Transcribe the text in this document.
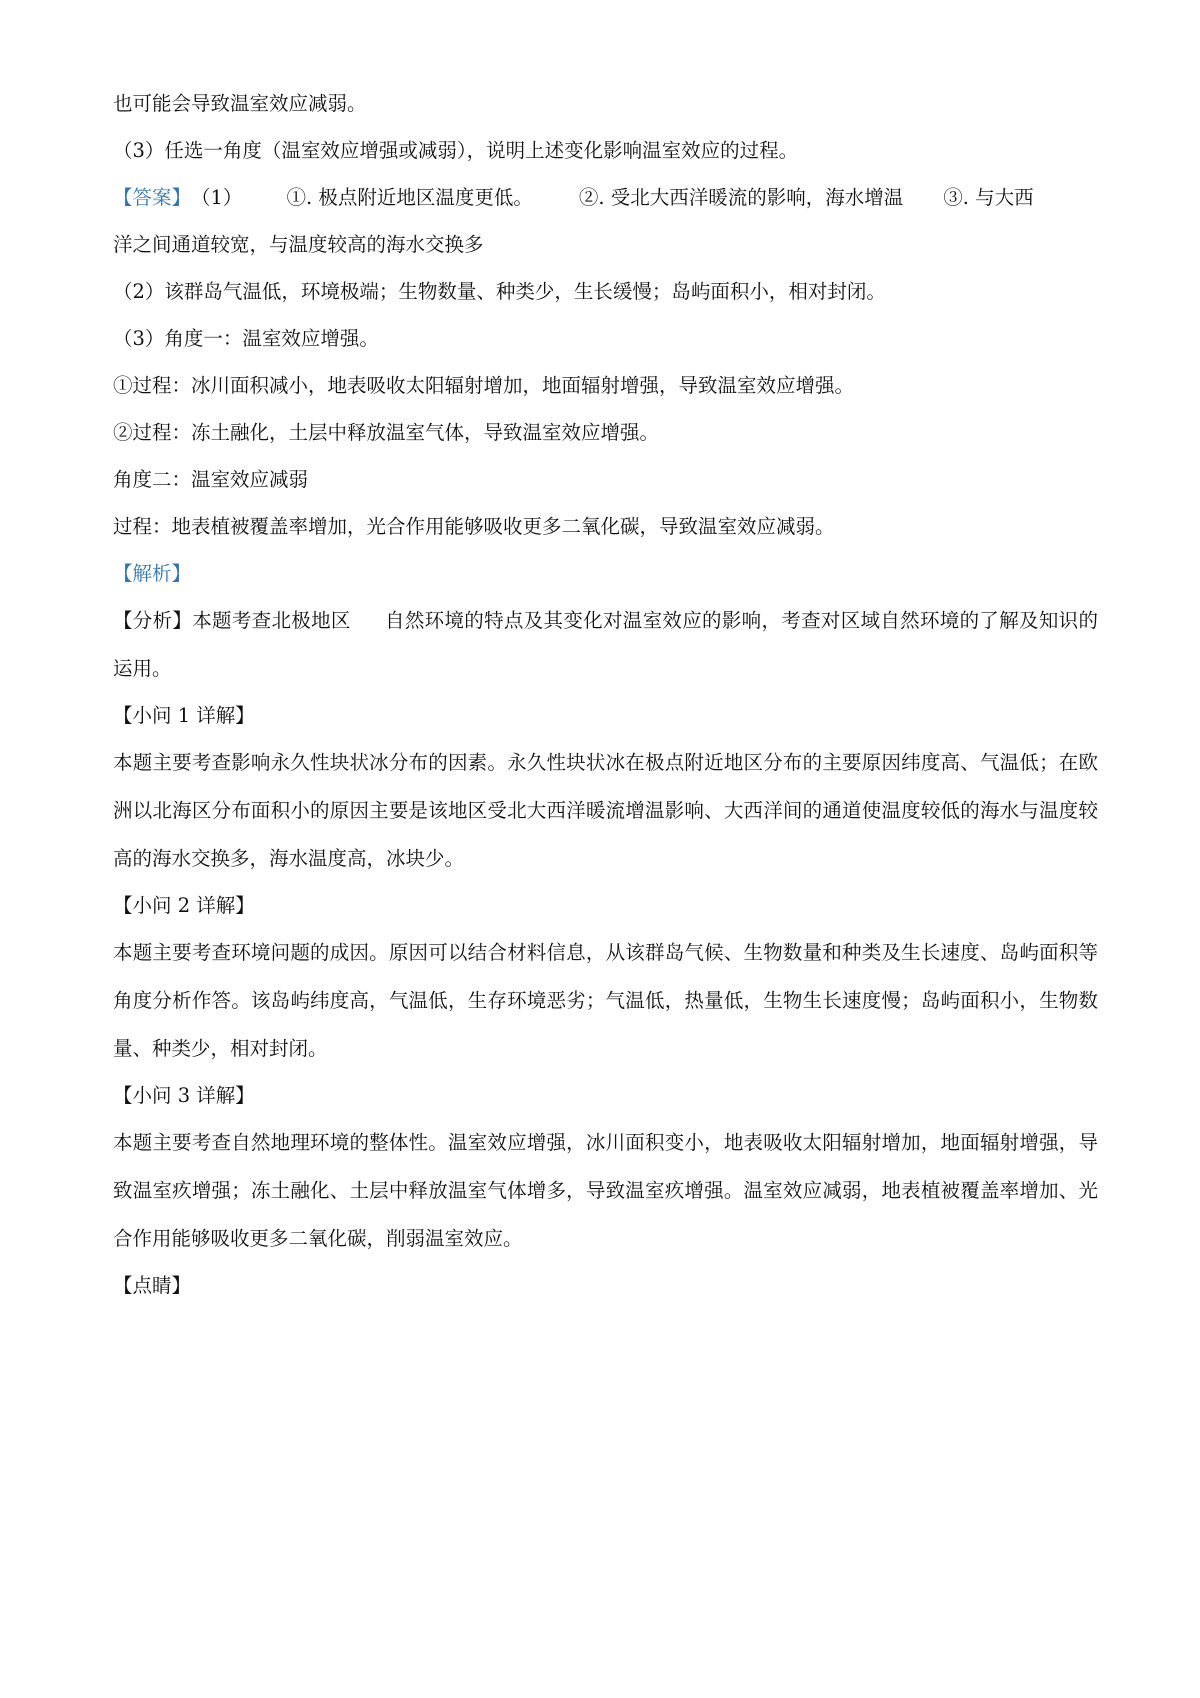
也可能会导致温室效应减弱。
（3）任选一角度（温室效应增强或减弱），说明上述变化影响温室效应的过程。
【答案】 （1） ①. 极点附近地区温度更低。 ②. 受北大西洋暖流的影响，海水增温 ③. 与大西
洋之间通道较宽，与温度较高的海水交换多
（2）该群岛气温低，环境极端；生物数量、种类少，生长缓慢；岛屿面积小，相对封闭。
（3）角度一：温室效应增强。
①过程：冰川面积减小，地表吸收太阳辐射增加，地面辐射增强，导致温室效应增强。
②过程：冻土融化，土层中释放温室气体，导致温室效应增强。
角度二：温室效应减弱
过程：地表植被覆盖率增加，光合作用能够吸收更多二氧化碳，导致温室效应减弱。
【解析】
【分析】本题考查北极地区 自然环境的特点及其变化对温室效应的影响，考查对区域自然环境的了解及知识的运用。
【小问 1 详解】
本题主要考查影响永久性块状冰分布的因素。永久性块状冰在极点附近地区分布的主要原因纬度高、气温低；在欧洲以北海区分布面积小的原因主要是该地区受北大西洋暖流增温影响、大西洋间的通道使温度较低的海水与温度较高的海水交换多，海水温度高，冰块少。
【小问 2 详解】
本题主要考查环境问题的成因。原因可以结合材料信息，从该群岛气候、生物数量和种类及生长速度、岛屿面积等角度分析作答。该岛屿纬度高，气温低，生存环境恶劣；气温低，热量低，生物生长速度慢；岛屿面积小，生物数量、种类少，相对封闭。
【小问 3 详解】
本题主要考查自然地理环境的整体性。温室效应增强，冰川面积变小，地表吸收太阳辐射增加，地面辐射增强，导致温室疚增强；冻土融化、土层中释放温室气体增多，导致温室疚增强。温室效应减弱，地表植被覆盖率增加、光合作用能够吸收更多二氧化碳，削弱温室效应。
【点睛】
